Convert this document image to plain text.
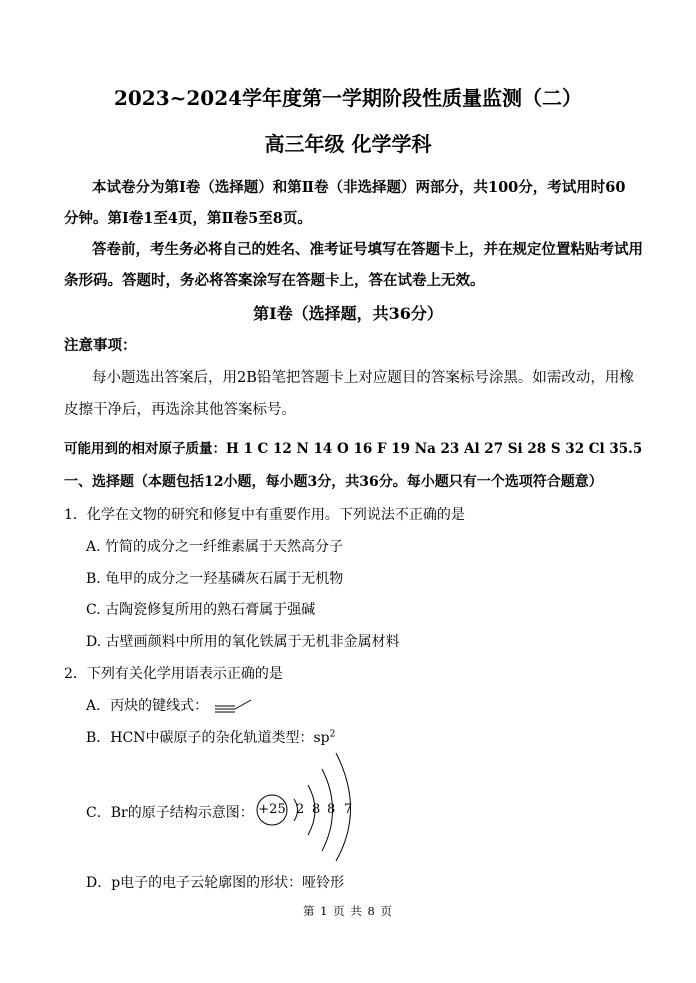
2023~2024学年度第一学期阶段性质量监测（二）
高三年级 化学学科
本试卷分为第Ⅰ卷（选择题）和第Ⅱ卷（非选择题）两部分，共100分，考试用时60
分钟。第Ⅰ卷1至4页，第Ⅱ卷5至8页。
答卷前，考生务必将自己的姓名、准考证号填写在答题卡上，并在规定位置粘贴考试用
条形码。答题时，务必将答案涂写在答题卡上，答在试卷上无效。
第Ⅰ卷（选择题，共36分）
注意事项：
每小题选出答案后，用2B铅笔把答题卡上对应题目的答案标号涂黑。如需改动，用橡
皮擦干净后，再选涂其他答案标号。
可能用到的相对原子质量：H 1 C 12 N 14 O 16 F 19 Na 23 Al 27 Si 28 S 32 Cl 35.5
一、选择题（本题包括12小题，每小题3分，共36分。每小题只有一个选项符合题意）
1．化学在文物的研究和修复中有重要作用。下列说法不正确的是
A. 竹简的成分之一纤维素属于天然高分子
B. 龟甲的成分之一羟基磷灰石属于无机物
C. 古陶瓷修复所用的熟石膏属于强碱
D. 古壁画颜料中所用的氧化铁属于无机非金属材料
2．下列有关化学用语表示正确的是
A．丙炔的键线式：
B．HCN中碳原子的杂化轨道类型：$sp^2$
C．Br的原子结构示意图： +25 2 8 8 7
D．p电子的电子云轮廓图的形状：哑铃形
第 1 页 共 8 页
